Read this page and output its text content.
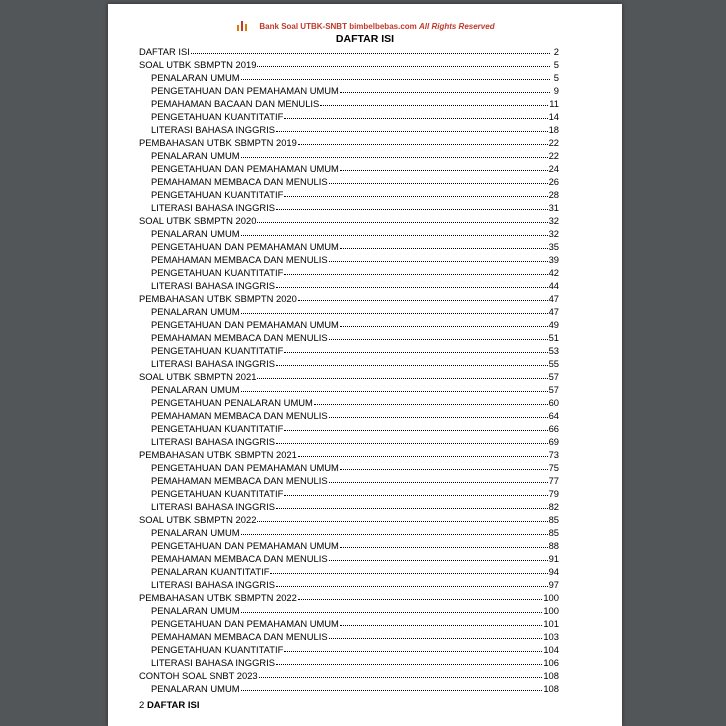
Bank Soal UTBK-SNBT bimbelbebas.com All Rights Reserved
DAFTAR ISI
DAFTAR ISI	2
SOAL UTBK SBMPTN 2019	5
PENALARAN UMUM	5
PENGETAHUAN DAN PEMAHAMAN UMUM	9
PEMAHAMAN BACAAN DAN MENULIS	11
PENGETAHUAN KUANTITATIF	14
LITERASI BAHASA INGGRIS	18
PEMBAHASAN UTBK SBMPTN 2019	22
PENALARAN UMUM	22
PENGETAHUAN DAN PEMAHAMAN UMUM	24
PEMAHAMAN MEMBACA DAN MENULIS	26
PENGETAHUAN KUANTITATIF	28
LITERASI BAHASA INGGRIS	31
SOAL UTBK SBMPTN 2020	32
PENALARAN UMUM	32
PENGETAHUAN DAN PEMAHAMAN UMUM	35
PEMAHAMAN MEMBACA DAN MENULIS	39
PENGETAHUAN KUANTITATIF	42
LITERASI BAHASA INGGRIS	44
PEMBAHASAN UTBK SBMPTN 2020	47
PENALARAN UMUM	47
PENGETAHUAN DAN PEMAHAMAN UMUM	49
PEMAHAMAN MEMBACA DAN MENULIS	51
PENGETAHUAN KUANTITATIF	53
LITERASI BAHASA INGGRIS	55
SOAL UTBK SBMPTN 2021	57
PENALARAN UMUM	57
PENGETAHUAN PENALARAN UMUM	60
PEMAHAMAN MEMBACA DAN MENULIS	64
PENGETAHUAN KUANTITATIF	66
LITERASI BAHASA INGGRIS	69
PEMBAHASAN UTBK SBMPTN 2021	73
PENGETAHUAN DAN PEMAHAMAN UMUM	75
PEMAHAMAN MEMBACA DAN MENULIS	77
PENGETAHUAN KUANTITATIF	79
LITERASI BAHASA INGGRIS	82
SOAL UTBK SBMPTN 2022	85
PENALARAN UMUM	85
PENGETAHUAN DAN PEMAHAMAN UMUM	88
PEMAHAMAN MEMBACA DAN MENULIS	91
PENALARAN KUANTITATIF	94
LITERASI BAHASA INGGRIS	97
PEMBAHASAN UTBK SBMPTN 2022	100
PENALARAN UMUM	100
PENGETAHUAN DAN PEMAHAMAN UMUM	101
PEMAHAMAN MEMBACA DAN MENULIS	103
PENGETAHUAN KUANTITATIF	104
LITERASI BAHASA INGGRIS	106
CONTOH SOAL SNBT 2023	108
PENALARAN UMUM	108
2 DAFTAR ISI
